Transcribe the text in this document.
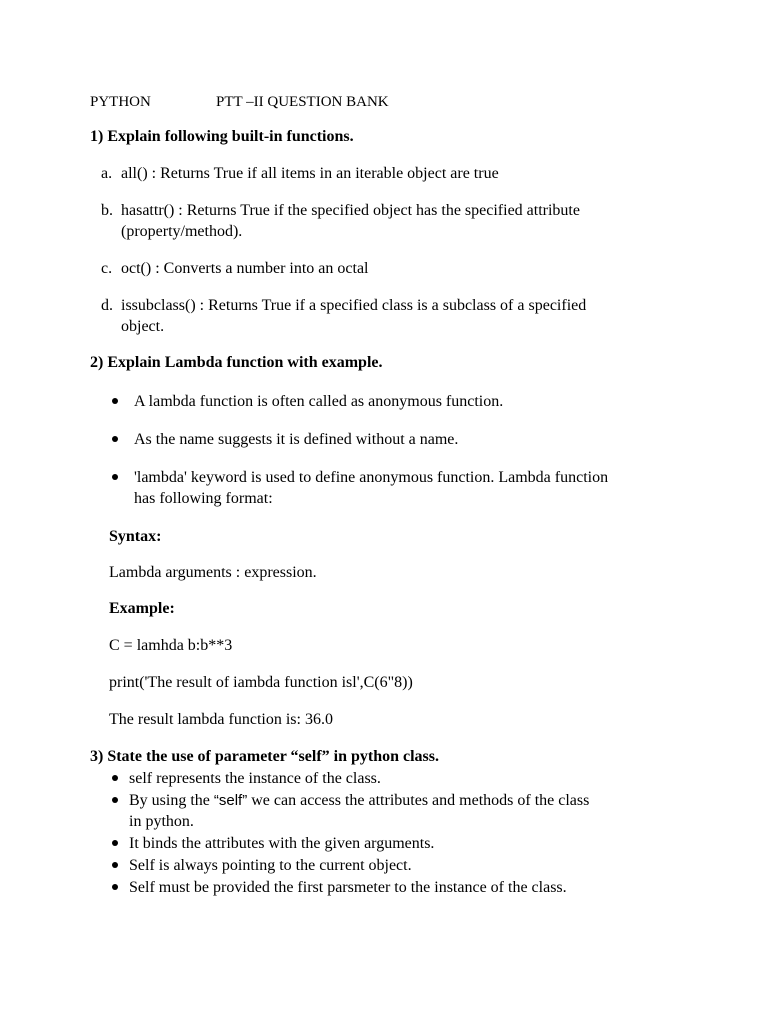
PYTHON	PTT –II QUESTION BANK
1) Explain following built-in functions.
a. all() : Returns True if all items in an iterable object are true
b. hasattr() : Returns True if the specified object has the specified attribute
(property/method).
c. oct() : Converts a number into an octal
d. issubclass() : Returns True if a specified class is a subclass of a specified
object.
2) Explain Lambda function with example.
A lambda function is often called as anonymous function.
As the name suggests it is defined without a name.
'lambda' keyword is used to define anonymous function. Lambda function
has following format:
Syntax:
Lambda arguments : expression.
Example:
C = lamhda b:b**3
print('The result of iambda function isl',C(6"8))
The result lambda function is: 36.0
3) State the use of parameter “self” in python class.
self represents the instance of the class.
By using the “self” we can access the attributes and methods of the class
in python.
It binds the attributes with the given arguments.
Self is always pointing to the current object.
Self must be provided the first parsmeter to the instance of the class.
